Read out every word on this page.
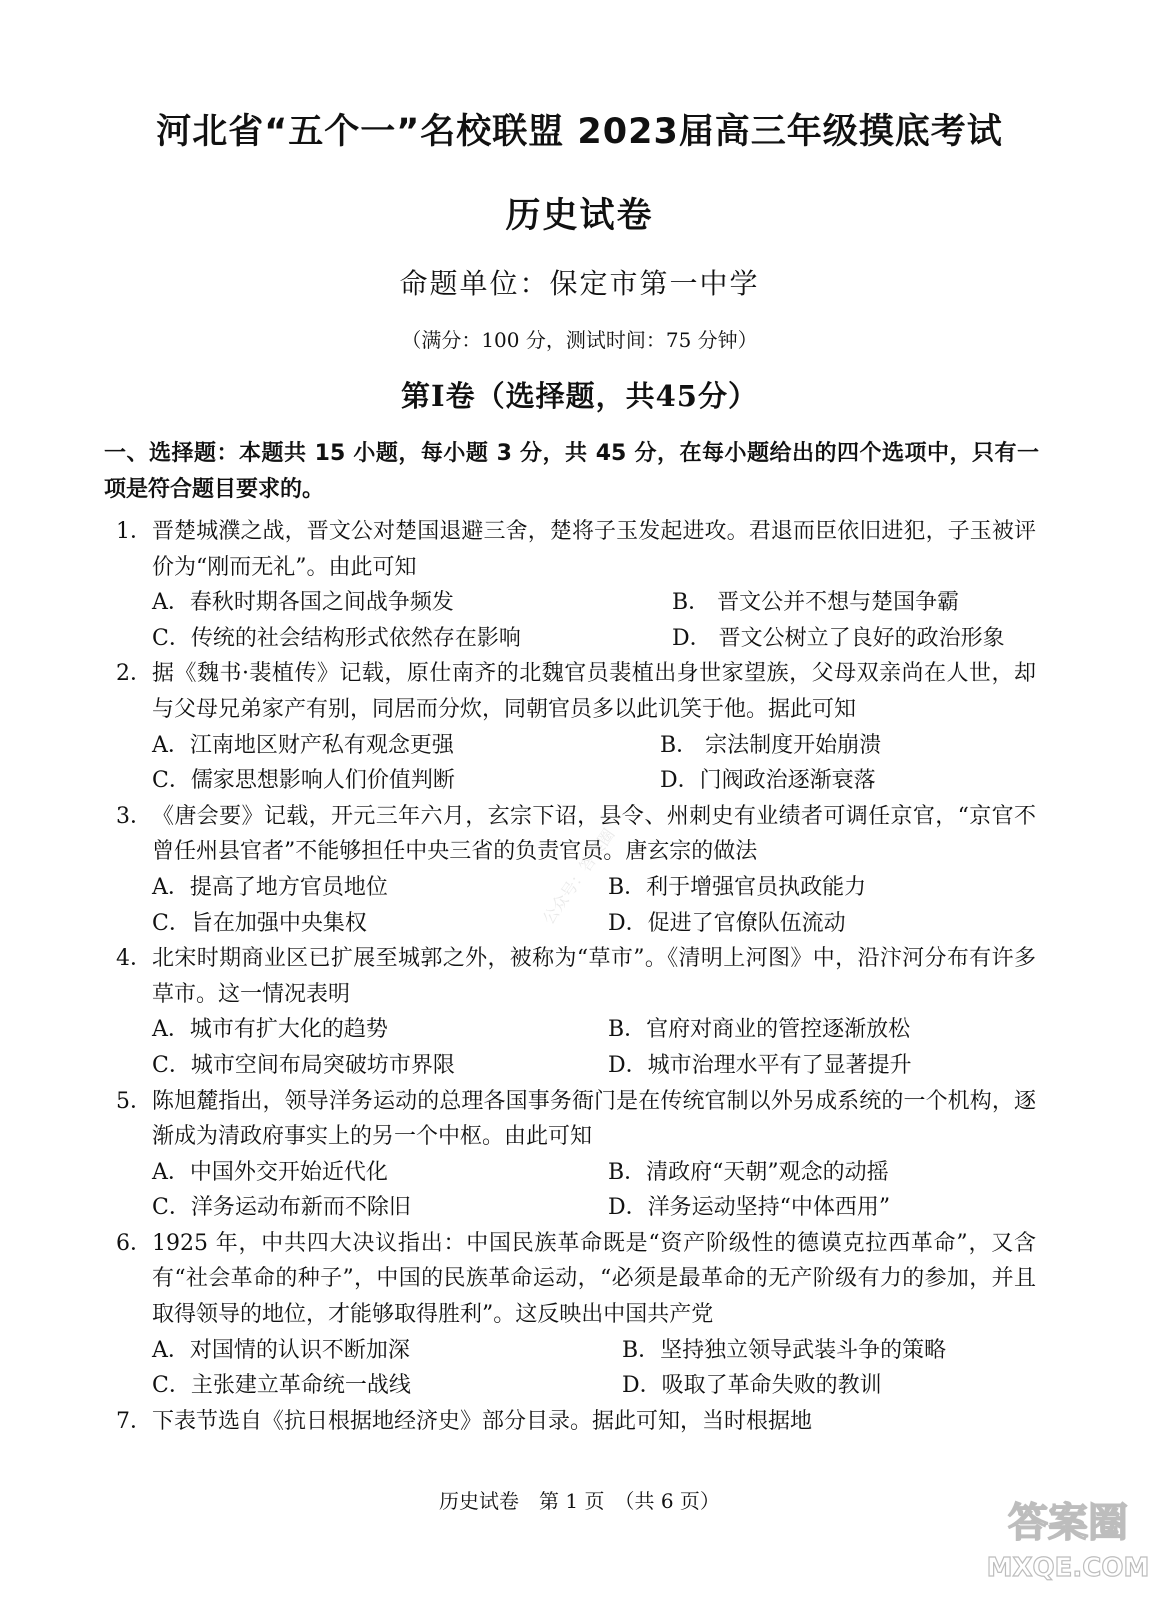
河北省“五个一”名校联盟 2023届高三年级摸底考试
历史试卷
命题单位：保定市第一中学
（满分：100 分，测试时间：75 分钟）
第Ⅰ卷（选择题，共45分）
一、选择题：本题共 15 小题，每小题 3 分，共 45 分，在每小题给出的四个选项中，只有一项是符合题目要求的。
1． 晋楚城濮之战，晋文公对楚国退避三舍，楚将子玉发起进攻。君退而臣依旧进犯，子玉被评价为“刚而无礼”。由此可知
A．春秋时期各国之间战争频发	B． 晋文公并不想与楚国争霸
C．传统的社会结构形式依然存在影响	D． 晋文公树立了良好的政治形象
2． 据《魏书·裴植传》记载，原仕南齐的北魏官员裴植出身世家望族，父母双亲尚在人世，却与父母兄弟家产有别，同居而分炊，同朝官员多以此讥笑于他。据此可知
A．江南地区财产私有观念更强	B． 宗法制度开始崩溃
C．儒家思想影响人们价值判断	D．门阀政治逐渐衰落
3． 《唐会要》记载，开元三年六月，玄宗下诏，县令、州刺史有业绩者可调任京官，“京官不曾任州县官者”不能够担任中央三省的负责官员。唐玄宗的做法
A．提高了地方官员地位	B．利于增强官员执政能力
C．旨在加强中央集权	D．促进了官僚队伍流动
4． 北宋时期商业区已扩展至城郭之外，被称为“草市”。《清明上河图》中，沿汴河分布有许多草市。这一情况表明
A．城市有扩大化的趋势	B．官府对商业的管控逐渐放松
C．城市空间布局突破坊市界限	D．城市治理水平有了显著提升
5． 陈旭麓指出，领导洋务运动的总理各国事务衙门是在传统官制以外另成系统的一个机构，逐渐成为清政府事实上的另一个中枢。由此可知
A．中国外交开始近代化	B．清政府“天朝”观念的动摇
C．洋务运动布新而不除旧	D．洋务运动坚持“中体西用”
6． 1925 年，中共四大决议指出：中国民族革命既是“资产阶级性的德谟克拉西革命”，又含有“社会革命的种子”，中国的民族革命运动，“必须是最革命的无产阶级有力的参加，并且取得领导的地位，才能够取得胜利”。这反映出中国共产党
A．对国情的认识不断加深	B．坚持独立领导武装斗争的策略
C．主张建立革命统一战线	D．吸取了革命失败的教训
7． 下表节选自《抗日根据地经济史》部分目录。据此可知，当时根据地
历史试卷　第 1 页　（共 6 页）
公众号：答案圈
答案圈
MXQE.COM
